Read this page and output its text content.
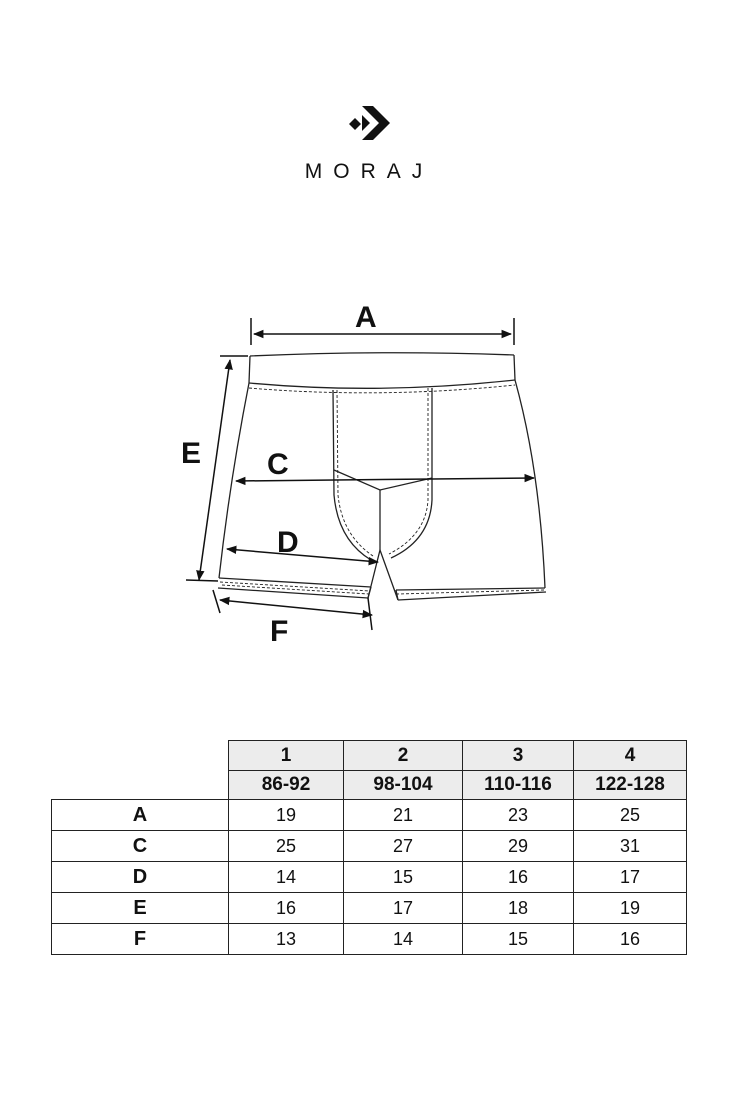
MORAJ
A
C
D
E
F
	1	2	3	4
	86-92	98-104	110-116	122-128
A	19	21	23	25
C	25	27	29	31
D	14	15	16	17
E	16	17	18	19
F	13	14	15	16
